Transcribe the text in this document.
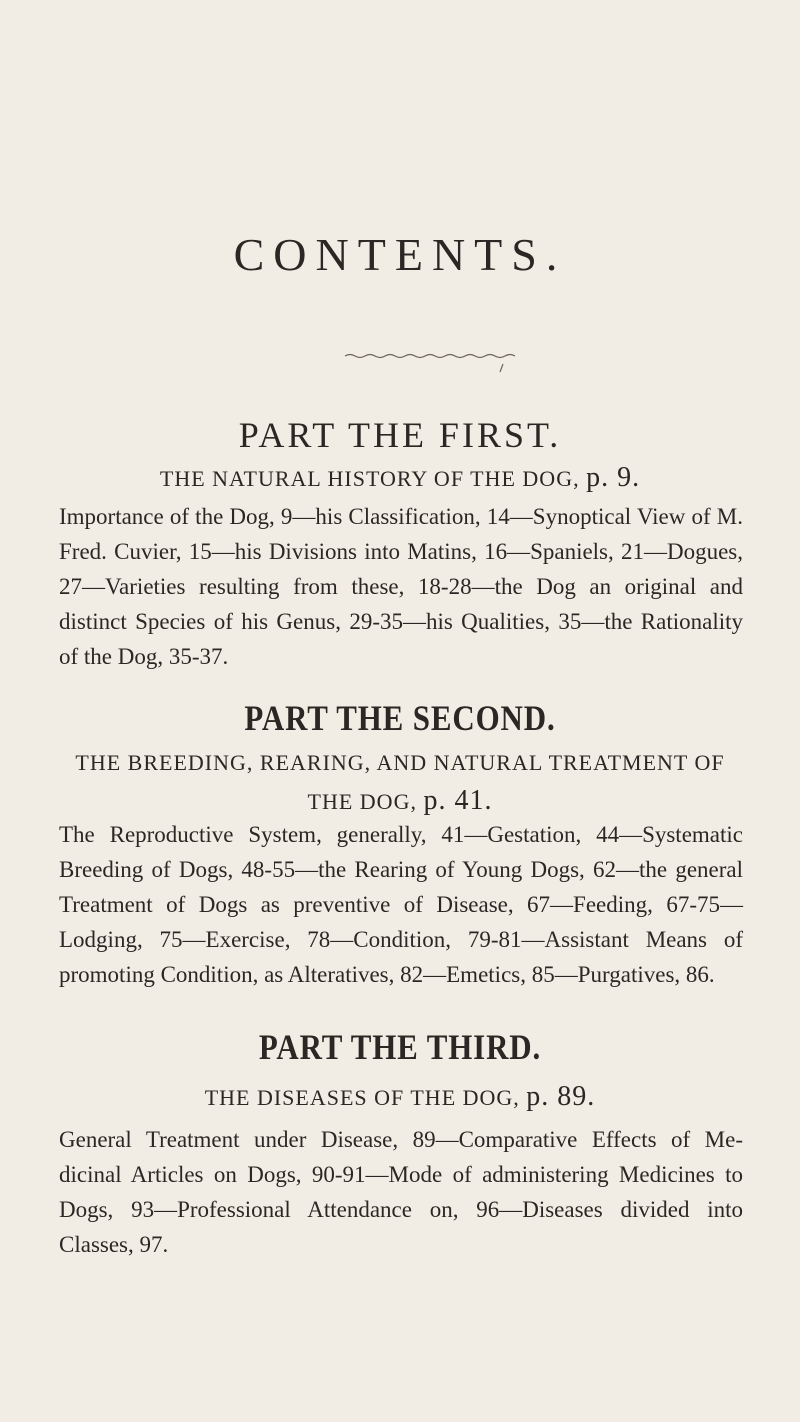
CONTENTS.
PART THE FIRST.

THE NATURAL HISTORY OF THE DOG, p. 9.

Importance of the Dog, 9—his Classification, 14—Synoptical View of M. Fred. Cuvier, 15—his Divisions into Matins, 16—Spaniels, 21—Dogues, 27—Varieties resulting from these, 18-28—the Dog an original and distinct Species of his Genus, 29-35—his Qualities, 35—the Rationality of the Dog, 35-37.

PART THE SECOND.

THE BREEDING, REARING, AND NATURAL TREATMENT OF THE DOG, p. 41.

The Reproductive System, generally, 41—Gestation, 44—Systematic Breeding of Dogs, 48-55—the Rearing of Young Dogs, 62—the general Treatment of Dogs as preventive of Disease, 67—Feeding, 67-75—Lodging, 75—Exercise, 78—Condition, 79-81—Assistant Means of promoting Condition, as Alteratives, 82—Emetics, 85—Purgatives, 86.

PART THE THIRD.

THE DISEASES OF THE DOG, p. 89.

General Treatment under Disease, 89—Comparative Effects of Me-dicinal Articles on Dogs, 90-91—Mode of administering Medicines to Dogs, 93—Professional Attendance on, 96—Diseases divided into Classes, 97.
